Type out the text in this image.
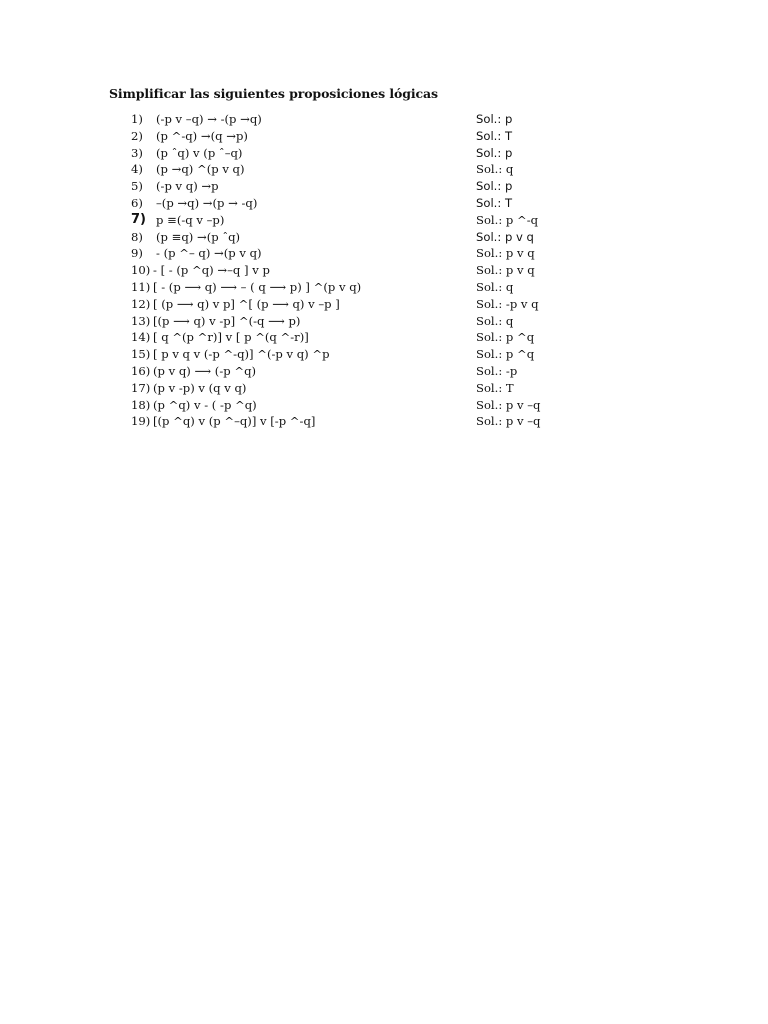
Simplificar las siguientes proposiciones lógicas
1) (-p v –q) → -(p →q)	Sol.: p
2) (p ^-q) →(q →p)	Sol.: T
3) (p ˆq) v (p ˆ–q)	Sol.: p
4) (p →q) ^(p v q)	Sol.: q
5) (-p v q) →p	Sol.: p
6) –(p →q) →(p → -q)	Sol.: T
7) p ≡(-q v –p)	Sol.: p ^-q
8) (p ≡q) →(p ˆq)	Sol.: p v q
9) - (p ^– q) →(p v q)	Sol.: p v q
10) - [ - (p ^q) →–q ] v p	Sol.: p v q
11) [ - (p ⟶ q) ⟶ – ( q ⟶ p) ] ^(p v q)	Sol.: q
12) [ (p ⟶ q) v p] ^[ (p ⟶ q) v –p ]	Sol.: -p v q
13) [(p ⟶ q) v -p] ^(-q ⟶ p)	Sol.: q
14) [ q ^(p ^r)] v [ p ^(q ^-r)]	Sol.: p ^q
15) [ p v q v (-p ^-q)] ^(-p v q) ^p	Sol.: p ^q
16) (p v q) ⟶ (-p ^q)	Sol.: -p
17) (p v -p) v (q v q)	Sol.: T
18) (p ^q) v - ( -p ^q)	Sol.: p v –q
19) [(p ^q) v (p ^–q)] v [-p ^-q]	Sol.: p v –q
